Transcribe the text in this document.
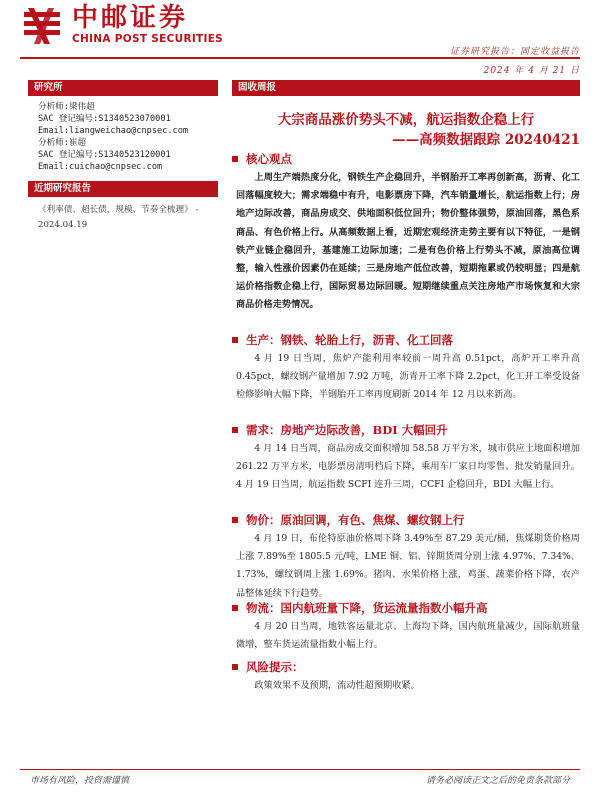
中邮证券
CHINA POST SECURITIES
证券研究报告：固定收益报告
2024 年 4 月 21 日
研究所
分析师:梁伟超
SAC 登记编号:S1340523070001
Email:liangweichao@cnpsec.com
分析师:崔超
SAC 登记编号:S1340523120001
Email:cuichao@cnpsec.com
近期研究报告
《利率债、超长债，规模、节奏全梳理》 - 2024.04.19
固收周报
大宗商品涨价势头不减，航运指数企稳上行
——高频数据跟踪 20240421
核心观点
上周生产端热度分化，钢铁生产企稳回升，半钢胎开工率再创新高，沥青、化工回落幅度较大；需求端稳中有升，电影票房下降，汽车销量增长，航运指数上行；房地产边际改善，商品房成交、供地面积低位回升；物价整体强势，原油回落，黑色系商品、有色价格上行。从高频数据上看，近期宏观经济走势主要有以下特征，一是钢铁产业链企稳回升，基建施工边际加速；二是有色价格上行势头不减，原油高位调整，输入性涨价因素仍在延续；三是房地产低位改善，短期拖累或仍较明显；四是航运价格指数企稳上行，国际贸易边际回暖。短期继续重点关注房地产市场恢复和大宗商品价格走势情况。
生产：钢铁、轮胎上行，沥青、化工回落
4 月 19 日当周，焦炉产能利用率较前一周升高 0.51pct，高炉开工率升高 0.45pct，螺纹钢产量增加 7.92 万吨，沥青开工率下降 2.2pct，化工开工率受设备检修影响大幅下降，半钢胎开工率再度刷新 2014 年 12 月以来新高。
需求：房地产边际改善，BDI 大幅回升
4 月 14 日当周，商品房成交面积增加 58.58 万平方米，城市供应土地面积增加 261.22 万平方米，电影票房清明档后下降，乘用车厂家日均零售、批发销量回升。4 月 19 日当周，航运指数 SCFI 连升三周，CCFI 企稳回升，BDI 大幅上行。
物价：原油回调，有色、焦煤、螺纹钢上行
4 月 19 日，布伦特原油价格周下降 3.49%至 87.29 美元/桶，焦煤期货价格周上涨 7.89%至 1805.5 元/吨，LME 铜、铝、锌期货周分别上涨 4.97%、7.34%、1.73%，螺纹钢周上涨 1.69%。猪肉、水果价格上涨，鸡蛋、蔬菜价格下降，农产品整体延续下行趋势。
物流：国内航班量下降，货运流量指数小幅升高
4 月 20 日当周，地铁客运量北京、上海均下降，国内航班量减少，国际航班量微增，整车货运流量指数小幅上行。
风险提示：
政策效果不及预期，流动性超预期收紧。
市场有风险，投资需谨慎	请务必阅读正文之后的免责条款部分
